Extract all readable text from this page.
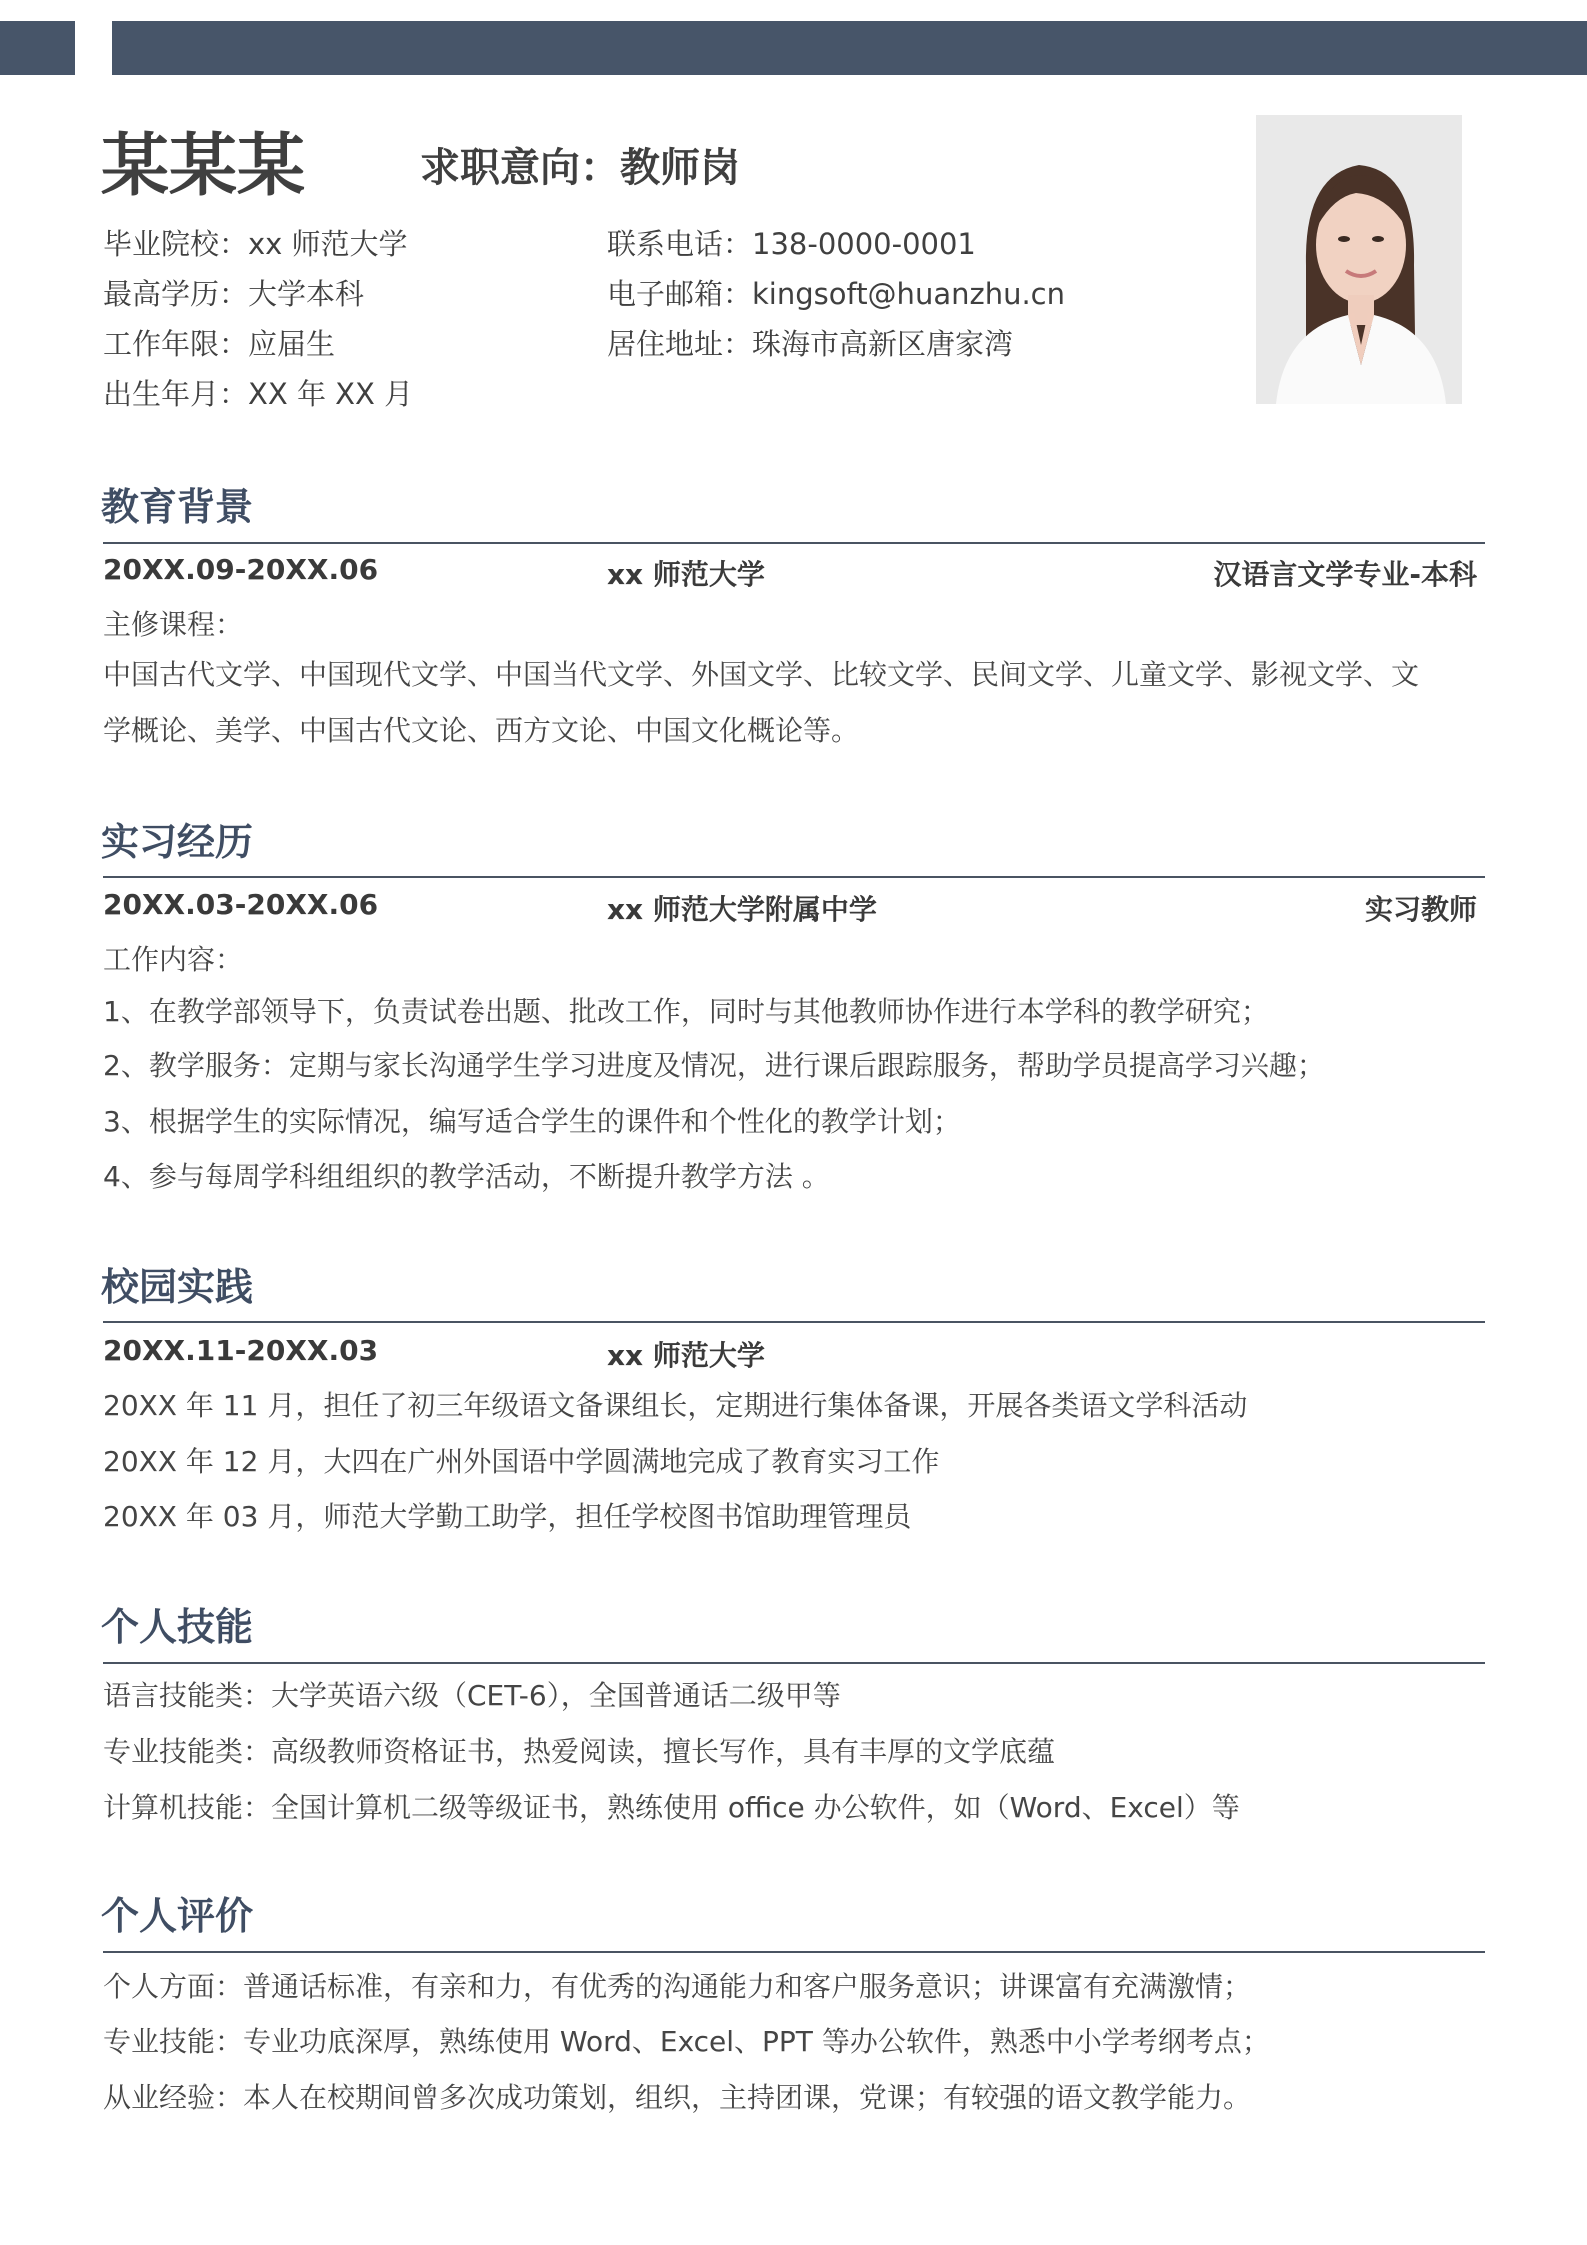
某某某	求职意向：教师岗
毕业院校：xx 师范大学
最高学历：大学本科
工作年限：应届生
出生年月：XX 年 XX 月
联系电话：138-0000-0001
电子邮箱：kingsoft@huanzhu.cn
居住地址：珠海市高新区唐家湾
教育背景
20XX.09-20XX.06	xx 师范大学	汉语言文学专业-本科
主修课程：
中国古代文学、中国现代文学、中国当代文学、外国文学、比较文学、民间文学、儿童文学、影视文学、文
学概论、美学、中国古代文论、西方文论、中国文化概论等。
实习经历
20XX.03-20XX.06	xx 师范大学附属中学	实习教师
工作内容：
1、在教学部领导下，负责试卷出题、批改工作，同时与其他教师协作进行本学科的教学研究；
2、教学服务：定期与家长沟通学生学习进度及情况，进行课后跟踪服务，帮助学员提高学习兴趣；
3、根据学生的实际情况，编写适合学生的课件和个性化的教学计划；
4、参与每周学科组组织的教学活动，不断提升教学方法 。
校园实践
20XX.11-20XX.03	xx 师范大学
20XX 年 11 月，担任了初三年级语文备课组长，定期进行集体备课，开展各类语文学科活动
20XX 年 12 月，大四在广州外国语中学圆满地完成了教育实习工作
20XX 年 03 月，师范大学勤工助学，担任学校图书馆助理管理员
个人技能
语言技能类：大学英语六级（CET-6），全国普通话二级甲等
专业技能类：高级教师资格证书，热爱阅读，擅长写作，具有丰厚的文学底蕴
计算机技能：全国计算机二级等级证书，熟练使用 office 办公软件，如（Word、Excel）等
个人评价
个人方面：普通话标准，有亲和力，有优秀的沟通能力和客户服务意识；讲课富有充满激情；
专业技能：专业功底深厚，熟练使用 Word、Excel、PPT 等办公软件，熟悉中小学考纲考点；
从业经验：本人在校期间曾多次成功策划，组织，主持团课，党课；有较强的语文教学能力。
